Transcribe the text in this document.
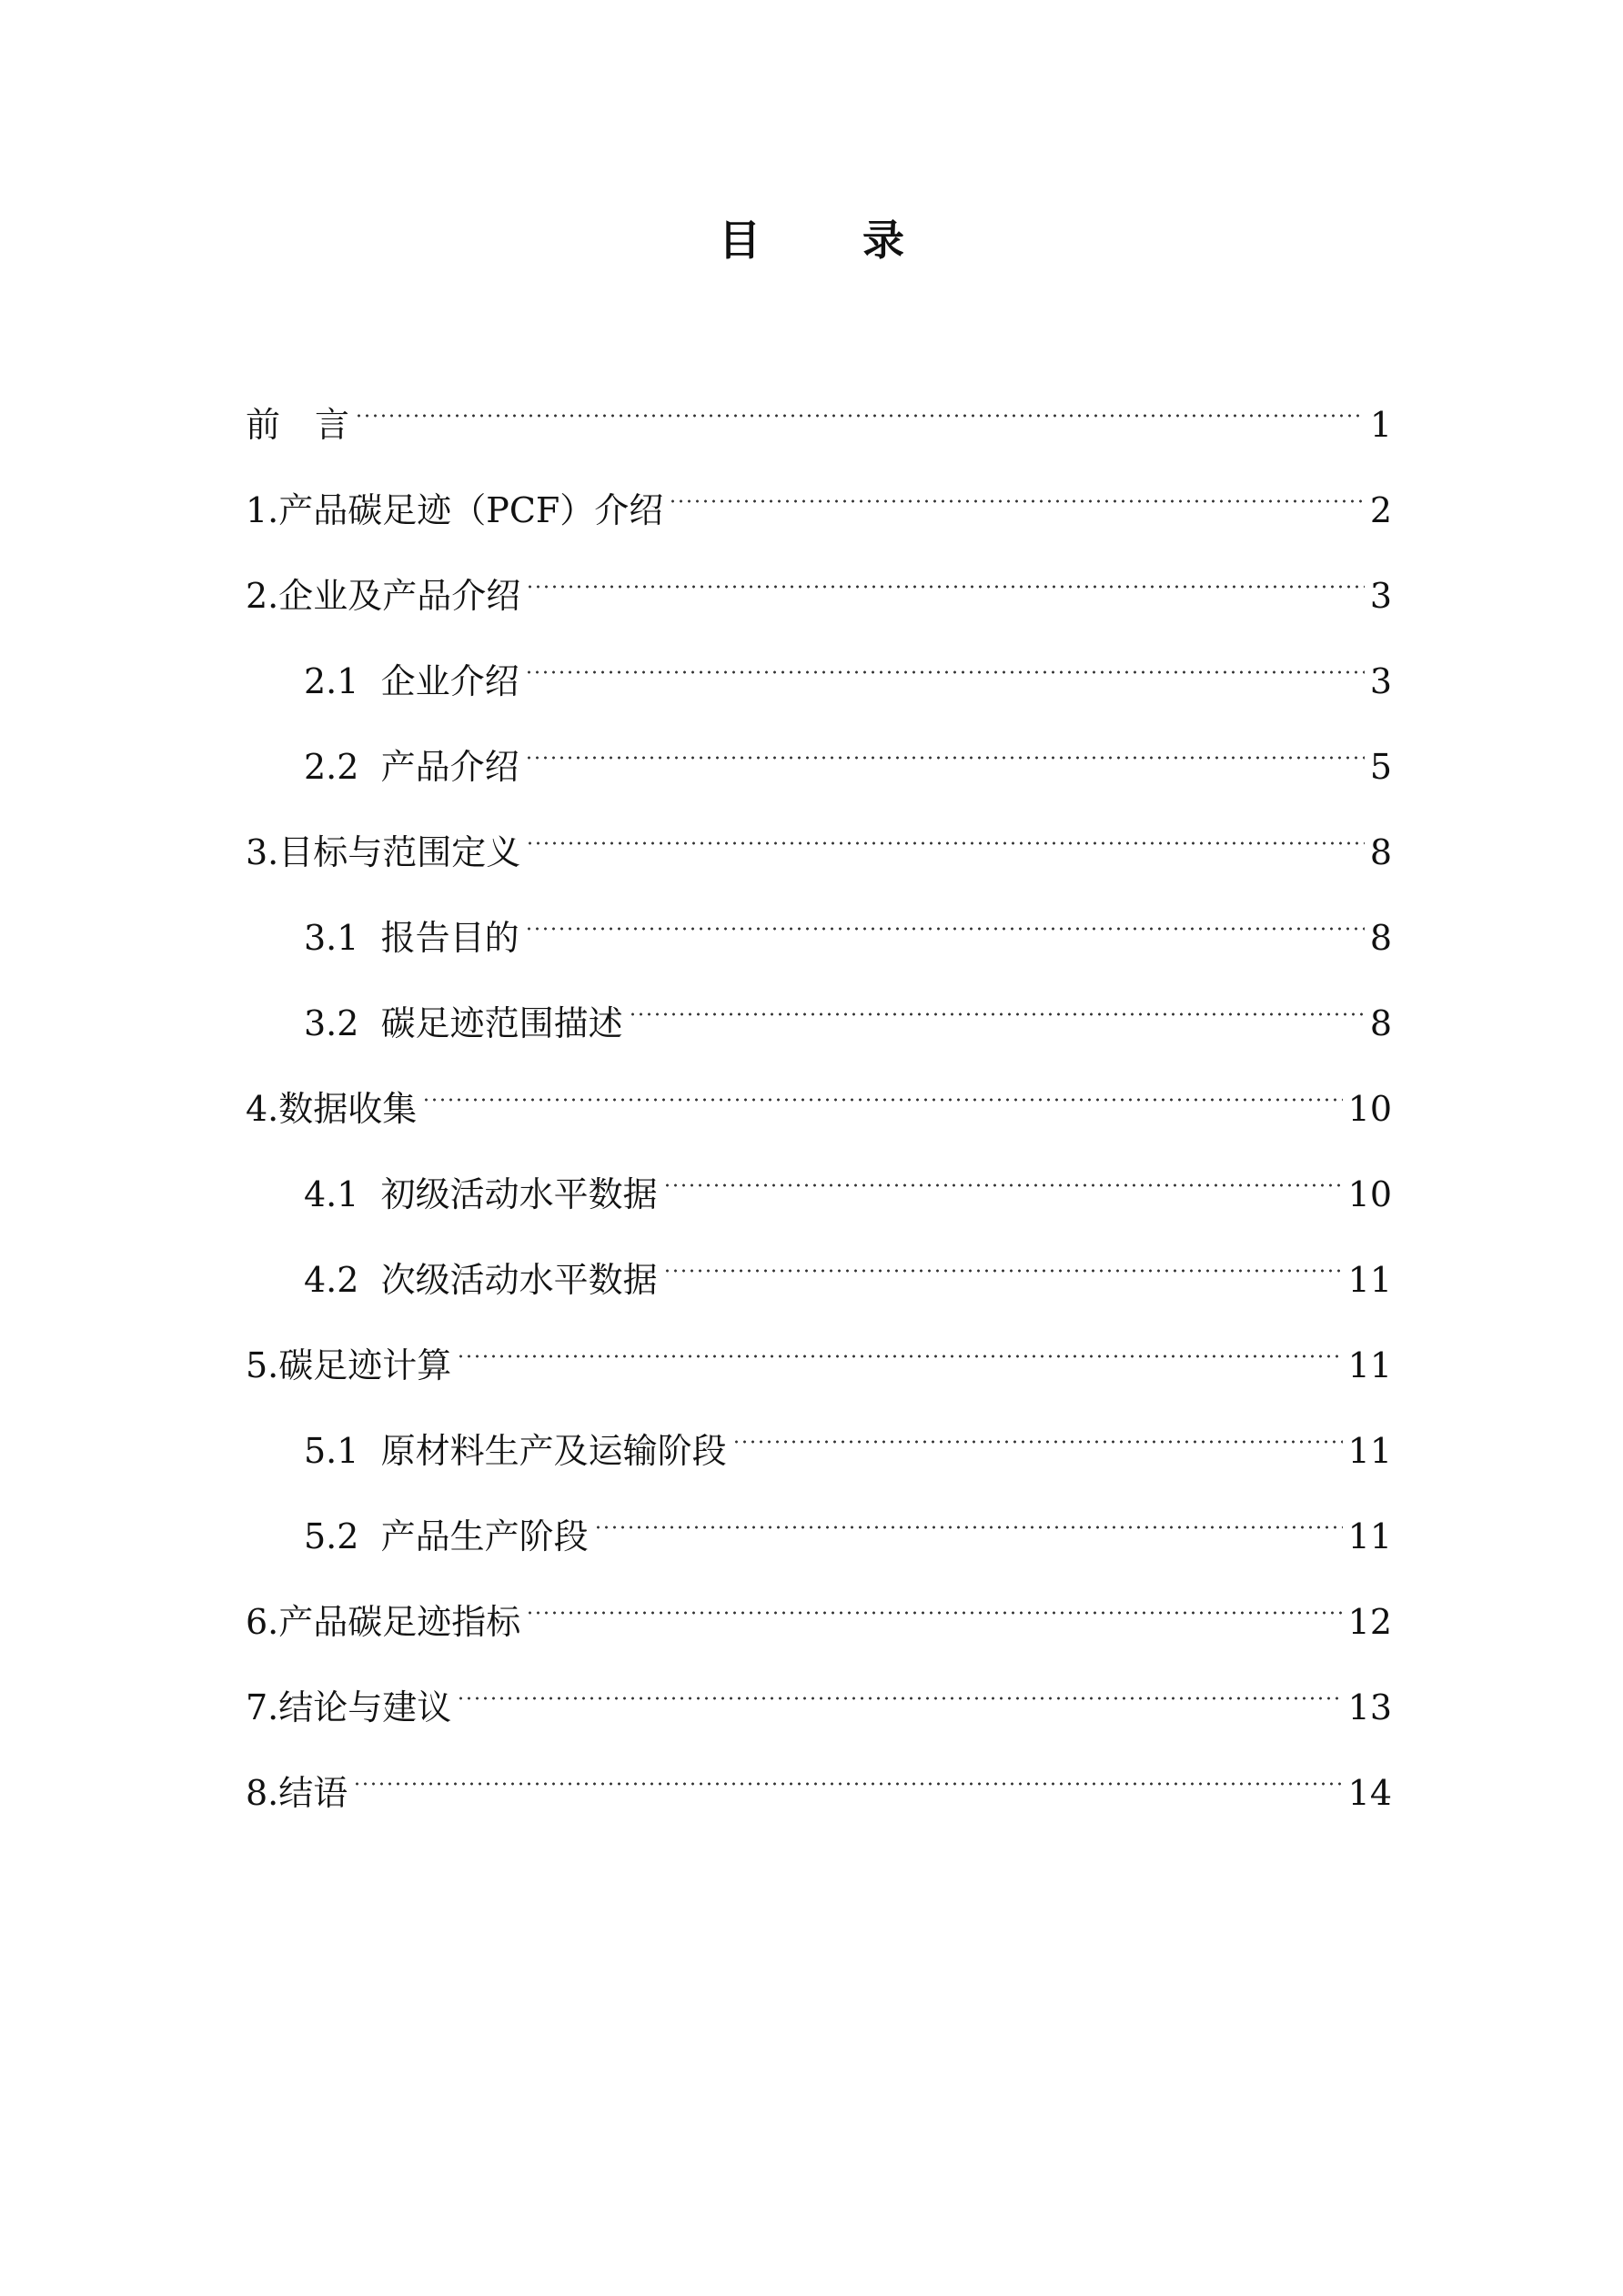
目 录
前　言	1
1.产品碳足迹（PCF）介绍	2
2.企业及产品介绍	3
2.1  企业介绍	3
2.2  产品介绍	5
3.目标与范围定义	8
3.1  报告目的	8
3.2  碳足迹范围描述	8
4.数据收集	10
4.1  初级活动水平数据	10
4.2  次级活动水平数据	11
5.碳足迹计算	11
5.1  原材料生产及运输阶段	11
5.2  产品生产阶段	11
6.产品碳足迹指标	12
7.结论与建议	13
8.结语	14
